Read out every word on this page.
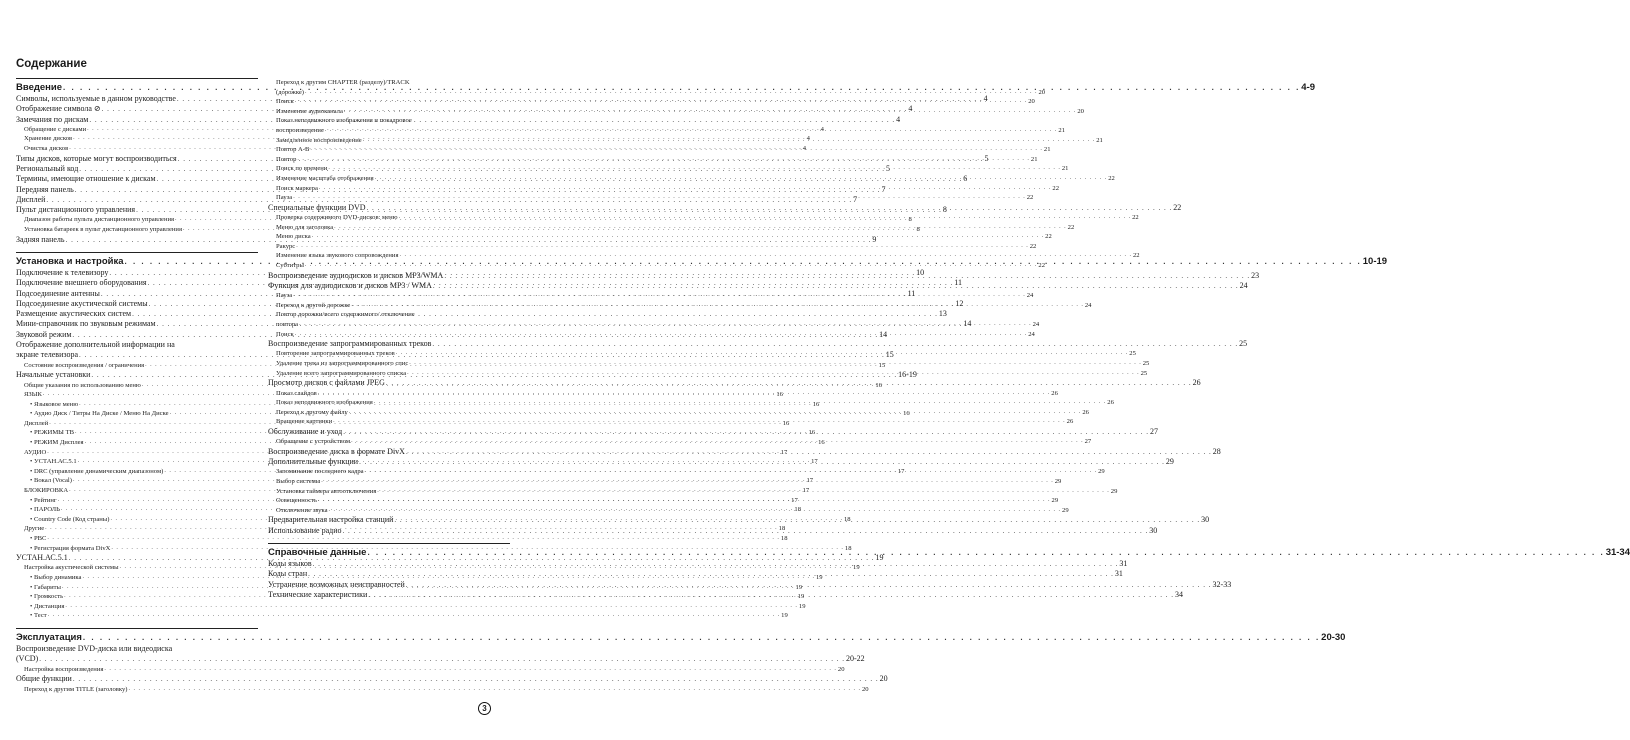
Содержание
Введение . . .	4-9
Символы, используемые в данном руководстве . . .	4
Отображение символа ⊘ . . .	4
Замечания по дискам . . .	4
Обращение с дисками . . .	4
Хранение дисков . . .	4
Очистка дисков . . .	4
Типы дисков, которые могут воспроизводиться . . .	5
Региональный код . . .	5
Термины, имеющие отношение к дискам . . .	6
Передняя панель . . .	7
Дисплей . . .	7
Пульт дистанционного управления . . .	8
Диапазон работы пульта дистанционного управления . . .	8
Установка батареек в пульт дистанционного управления . . .	8
Задняя панель . . .	9
Установка и настройка . . .	10-19
Подключение к телевизору . . .	10
Подключение внешнего оборудования . . .	11
Подсоединение антенны . . .	11
Подсоединение акустической системы . . .	12
Размещение акустических систем . . .	13
Мини-справочник по звуковым режимам . . .	14
Звуковой режим . . .	14
Отображение дополнительной информации на
экране телевизора . . .	15
Состояние воспроизведения / ограничения . . .	15
Начальные установки . . .	16-19
Общие указания по использованию меню . . .	16
ЯЗЫК . . .	16
• Языковое меню . . .	16
• Аудио Диск / Титры На Диске / Меню На Диске . . .	16
Дисплей . . .	16
• РЕЖИМЫ ТВ . . .	16
• РЕЖИМ Дисплея . . .	16
АУДИО . . .	17
• УСТАН.АС.5.1 . . .	17
• DRC (управление динамическим диапазоном) . . .	17
• Вокал (Vocal) . . .	17
БЛОКИРОВКА . . .	17
• Рейтинг . . .	17
• ПАРОЛЬ . . .	18
• Country Code (Код страны) . . .	18
Другие . . .	18
• PBC . . .	18
• Регистрация формата DivX . . .	18
УСТАН.АС.5.1 . . .	19
Настройка акустической системы . . .	19
• Выбор динамика . . .	19
• Габариты . . .	19
• Громкость . . .	19
• Дистанция . . .	19
• Тест . . .	19
Эксплуатация . . .	20-30
Воспроизведение DVD-диска или видеодиска
(VCD) . . .	20-22
Настройка воспроизведения . . .	20
Общие функции . . .	20
Переход к другим TITLE (заголовку) . . .	20
Переход к другим CHAPTER (разделу)/TRACK
(дорожке) . . .	20
Поиск . . .	20
Изменение аудиоканала . . .	20
Показ неподвижного изображения и покадровое
воспроизведение . . .	21
Замедленное воспроизведение . . .	21
Повтор A-B . . .	21
Повтор . . .	21
Поиск по времени . . .	21
Изменение масштаба отображения . . .	22
Поиск маркера . . .	22
Пауза . . .	22
Специальные функции DVD . . .	22
Проверка содержимого DVD-дисков: меню . . .	22
Меню для заголовка . . .	22
Меню диска . . .	22
Ракурс . . .	22
Изменение языка звукового сопровождения . . .	22
Субтитры . . .	22
Воспроизведение аудиодисков и дисков MP3/WMA . . .	23
Функция для аудиодисков и дисков MP3 / WMA . . .	24
Пауза . . .	24
Переход к другой дорожке . . .	24
Повтор дорожки/всего содержимого/ отключение
повтора . . .	24
Поиск . . .	24
Воспроизведение запрограммированных треков . . .	25
Повторение запрограммированных треков . . .	25
Удаление трека из запрограммированного спис . . .	25
Удаление всего запрограммированного списка . . .	25
Просмотр дисков с файлами JPEG . . .	26
Показ слайдов . . .	26
Показ неподвижного изображения . . .	26
Переход к другому файлу . . .	26
Вращение картинки . . .	26
Обслуживание и уход . . .	27
Обращение с устройством . . .	27
Воспроизведение диска в формате DivX . . .	28
Дополнительные функции . . .	29
Запоминание последнего кадра . . .	29
Выбор системы . . .	29
Установка таймера автоотключения . . .	29
Освещенность . . .	29
Отключение звука . . .	29
Предварительная настройка станций . . .	30
Использование радио . . .	30
Справочные данные . . .	31-34
Коды языков . . .	31
Коды стран . . .	31
Устранение возможных неисправностей . . .	32-33
Технические характеристики . . .	34
3
